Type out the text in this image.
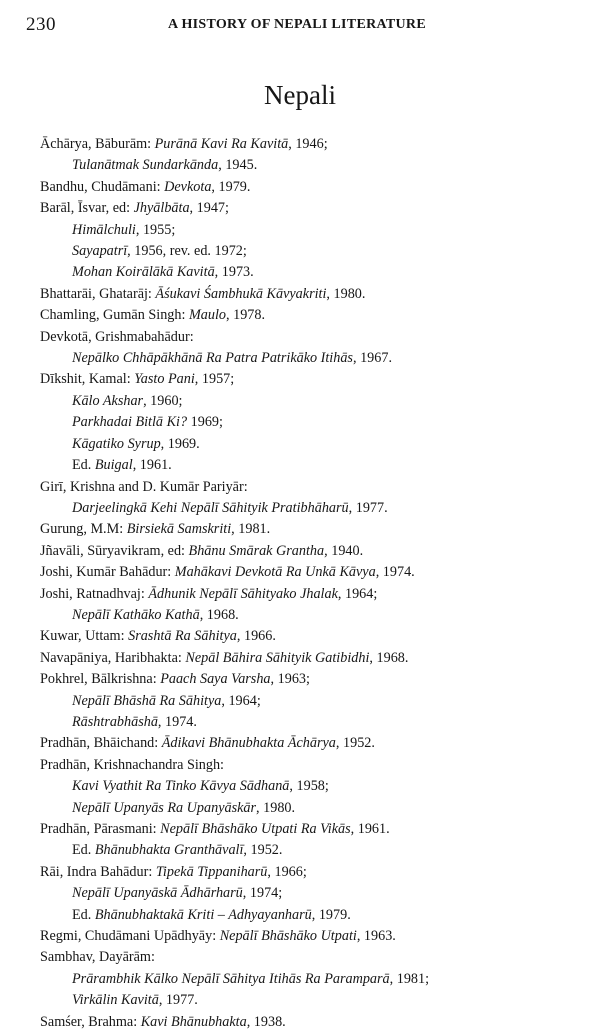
230	A HISTORY OF NEPALI LITERATURE
Nepali
Āchārya, Bāburām: Purānā Kavi Ra Kavitā, 1946;
Tulanātmak Sundarkānda, 1945.
Bandhu, Chudāmani: Devkota, 1979.
Barāl, Īsvar, ed: Jhyālbāta, 1947;
Himālchuli, 1955;
Sayapatrī, 1956, rev. ed. 1972;
Mohan Koirālākā Kavitā, 1973.
Bhattarāi, Ghatarāj: Āśukavi Śambhukā Kāvyakriti, 1980.
Chamling, Gumān Singh: Maulo, 1978.
Devkotā, Grishmabahādur:
Nepālko Chhāpākhānā Ra Patra Patrikāko Itihās, 1967.
Dīkshit, Kamal: Yasto Pani, 1957;
Kālo Akshar, 1960;
Parkhadai Bitlā Ki? 1969;
Kāgatiko Syrup, 1969.
Ed. Buigal, 1961.
Girī, Krishna and D. Kumār Pariyār:
Darjeelingkā Kehi Nepālī Sāhityik Pratibhāharū, 1977.
Gurung, M.M: Birsiekā Samskriti, 1981.
Jñavāli, Sūryavikram, ed: Bhānu Smārak Grantha, 1940.
Joshi, Kumār Bahādur: Mahākavi Devkotā Ra Unkā Kāvya, 1974.
Joshi, Ratnadhvaj: Ādhunik Nepālī Sāhityako Jhalak, 1964;
Nepālī Kathāko Kathā, 1968.
Kuwar, Uttam: Srashtā Ra Sāhitya, 1966.
Navapāniya, Haribhakta: Nepāl Bāhira Sāhityik Gatibidhi, 1968.
Pokhrel, Bālkrishna: Paach Saya Varsha, 1963;
Nepālī Bhāshā Ra Sāhitya, 1964;
Rāshtrabhāshā, 1974.
Pradhān, Bhāichand: Ādikavi Bhānubhakta Āchārya, 1952.
Pradhān, Krishnachandra Singh:
Kavi Vyathit Ra Tinko Kāvya Sādhanā, 1958;
Nepālī Upanyās Ra Upanyāskār, 1980.
Pradhān, Pārasmani: Nepālī Bhāshāko Utpati Ra Vikās, 1961.
Ed. Bhānubhakta Granthāvalī, 1952.
Rāi, Indra Bahādur: Tipekā Tippaniharū, 1966;
Nepālī Upanyāskā Ādhārharū, 1974;
Ed. Bhānubhaktakā Kriti – Adhyayanharū, 1979.
Regmi, Chudāmani Upādhyāy: Nepālī Bhāshāko Utpati, 1963.
Sambhav, Dayārām:
Prārambhik Kālko Nepālī Sāhitya Itihās Ra Paramparā, 1981;
Virkālin Kavitā, 1977.
Samśer, Brahma: Kavi Bhānubhakta, 1938.
